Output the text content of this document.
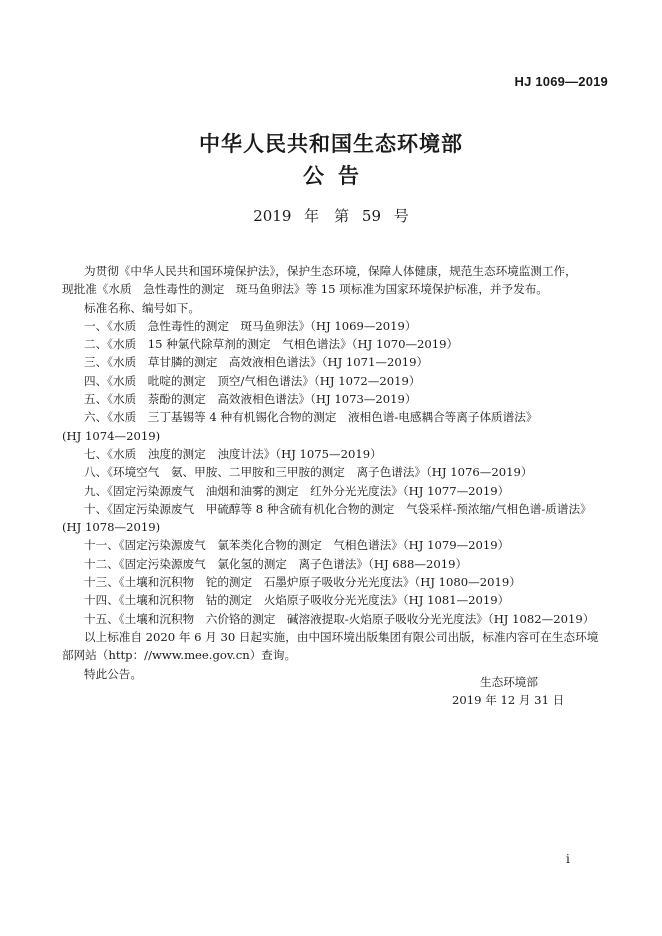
HJ 1069—2019
中华人民共和国生态环境部
公告
2019 年　第 59 号

为贯彻《中华人民共和国环境保护法》，保护生态环境，保障人体健康，规范生态环境监测工作，

现批准《水质　急性毒性的测定　斑马鱼卵法》等 15 项标准为国家环境保护标准，并予发布。

标准名称、编号如下。

一、《水质　急性毒性的测定　斑马鱼卵法》（HJ 1069—2019）

二、《水质　15 种氯代除草剂的测定　气相色谱法》（HJ 1070—2019）

三、《水质　草甘膦的测定　高效液相色谱法》（HJ 1071—2019）

四、《水质　吡啶的测定　顶空/气相色谱法》（HJ 1072—2019）

五、《水质　萘酚的测定　高效液相色谱法》（HJ 1073—2019）

六、《水质　三丁基锡等 4 种有机锡化合物的测定　液相色谱-电感耦合等离子体质谱法》

(HJ 1074—2019)

七、《水质　浊度的测定　浊度计法》（HJ 1075—2019）

八、《环境空气　氨、甲胺、二甲胺和三甲胺的测定　离子色谱法》（HJ 1076—2019）

九、《固定污染源废气　油烟和油雾的测定　红外分光光度法》（HJ 1077—2019）

十、《固定污染源废气　甲硫醇等 8 种含硫有机化合物的测定　气袋采样-预浓缩/气相色谱-质谱法》

(HJ 1078—2019)

十一、《固定污染源废气　氯苯类化合物的测定　气相色谱法》（HJ 1079—2019）

十二、《固定污染源废气　氯化氢的测定　离子色谱法》（HJ 688—2019）

十三、《土壤和沉积物　铊的测定　石墨炉原子吸收分光光度法》（HJ 1080—2019）

十四、《土壤和沉积物　钴的测定　火焰原子吸收分光光度法》（HJ 1081—2019）

十五、《土壤和沉积物　六价铬的测定　碱溶液提取-火焰原子吸收分光光度法》（HJ 1082—2019）

以上标准自 2020 年 6 月 30 日起实施，由中国环境出版集团有限公司出版，标准内容可在生态环境

部网站（http：//www.mee.gov.cn）查询。

特此公告。

生态环境部
2019 年 12 月 31 日
i
